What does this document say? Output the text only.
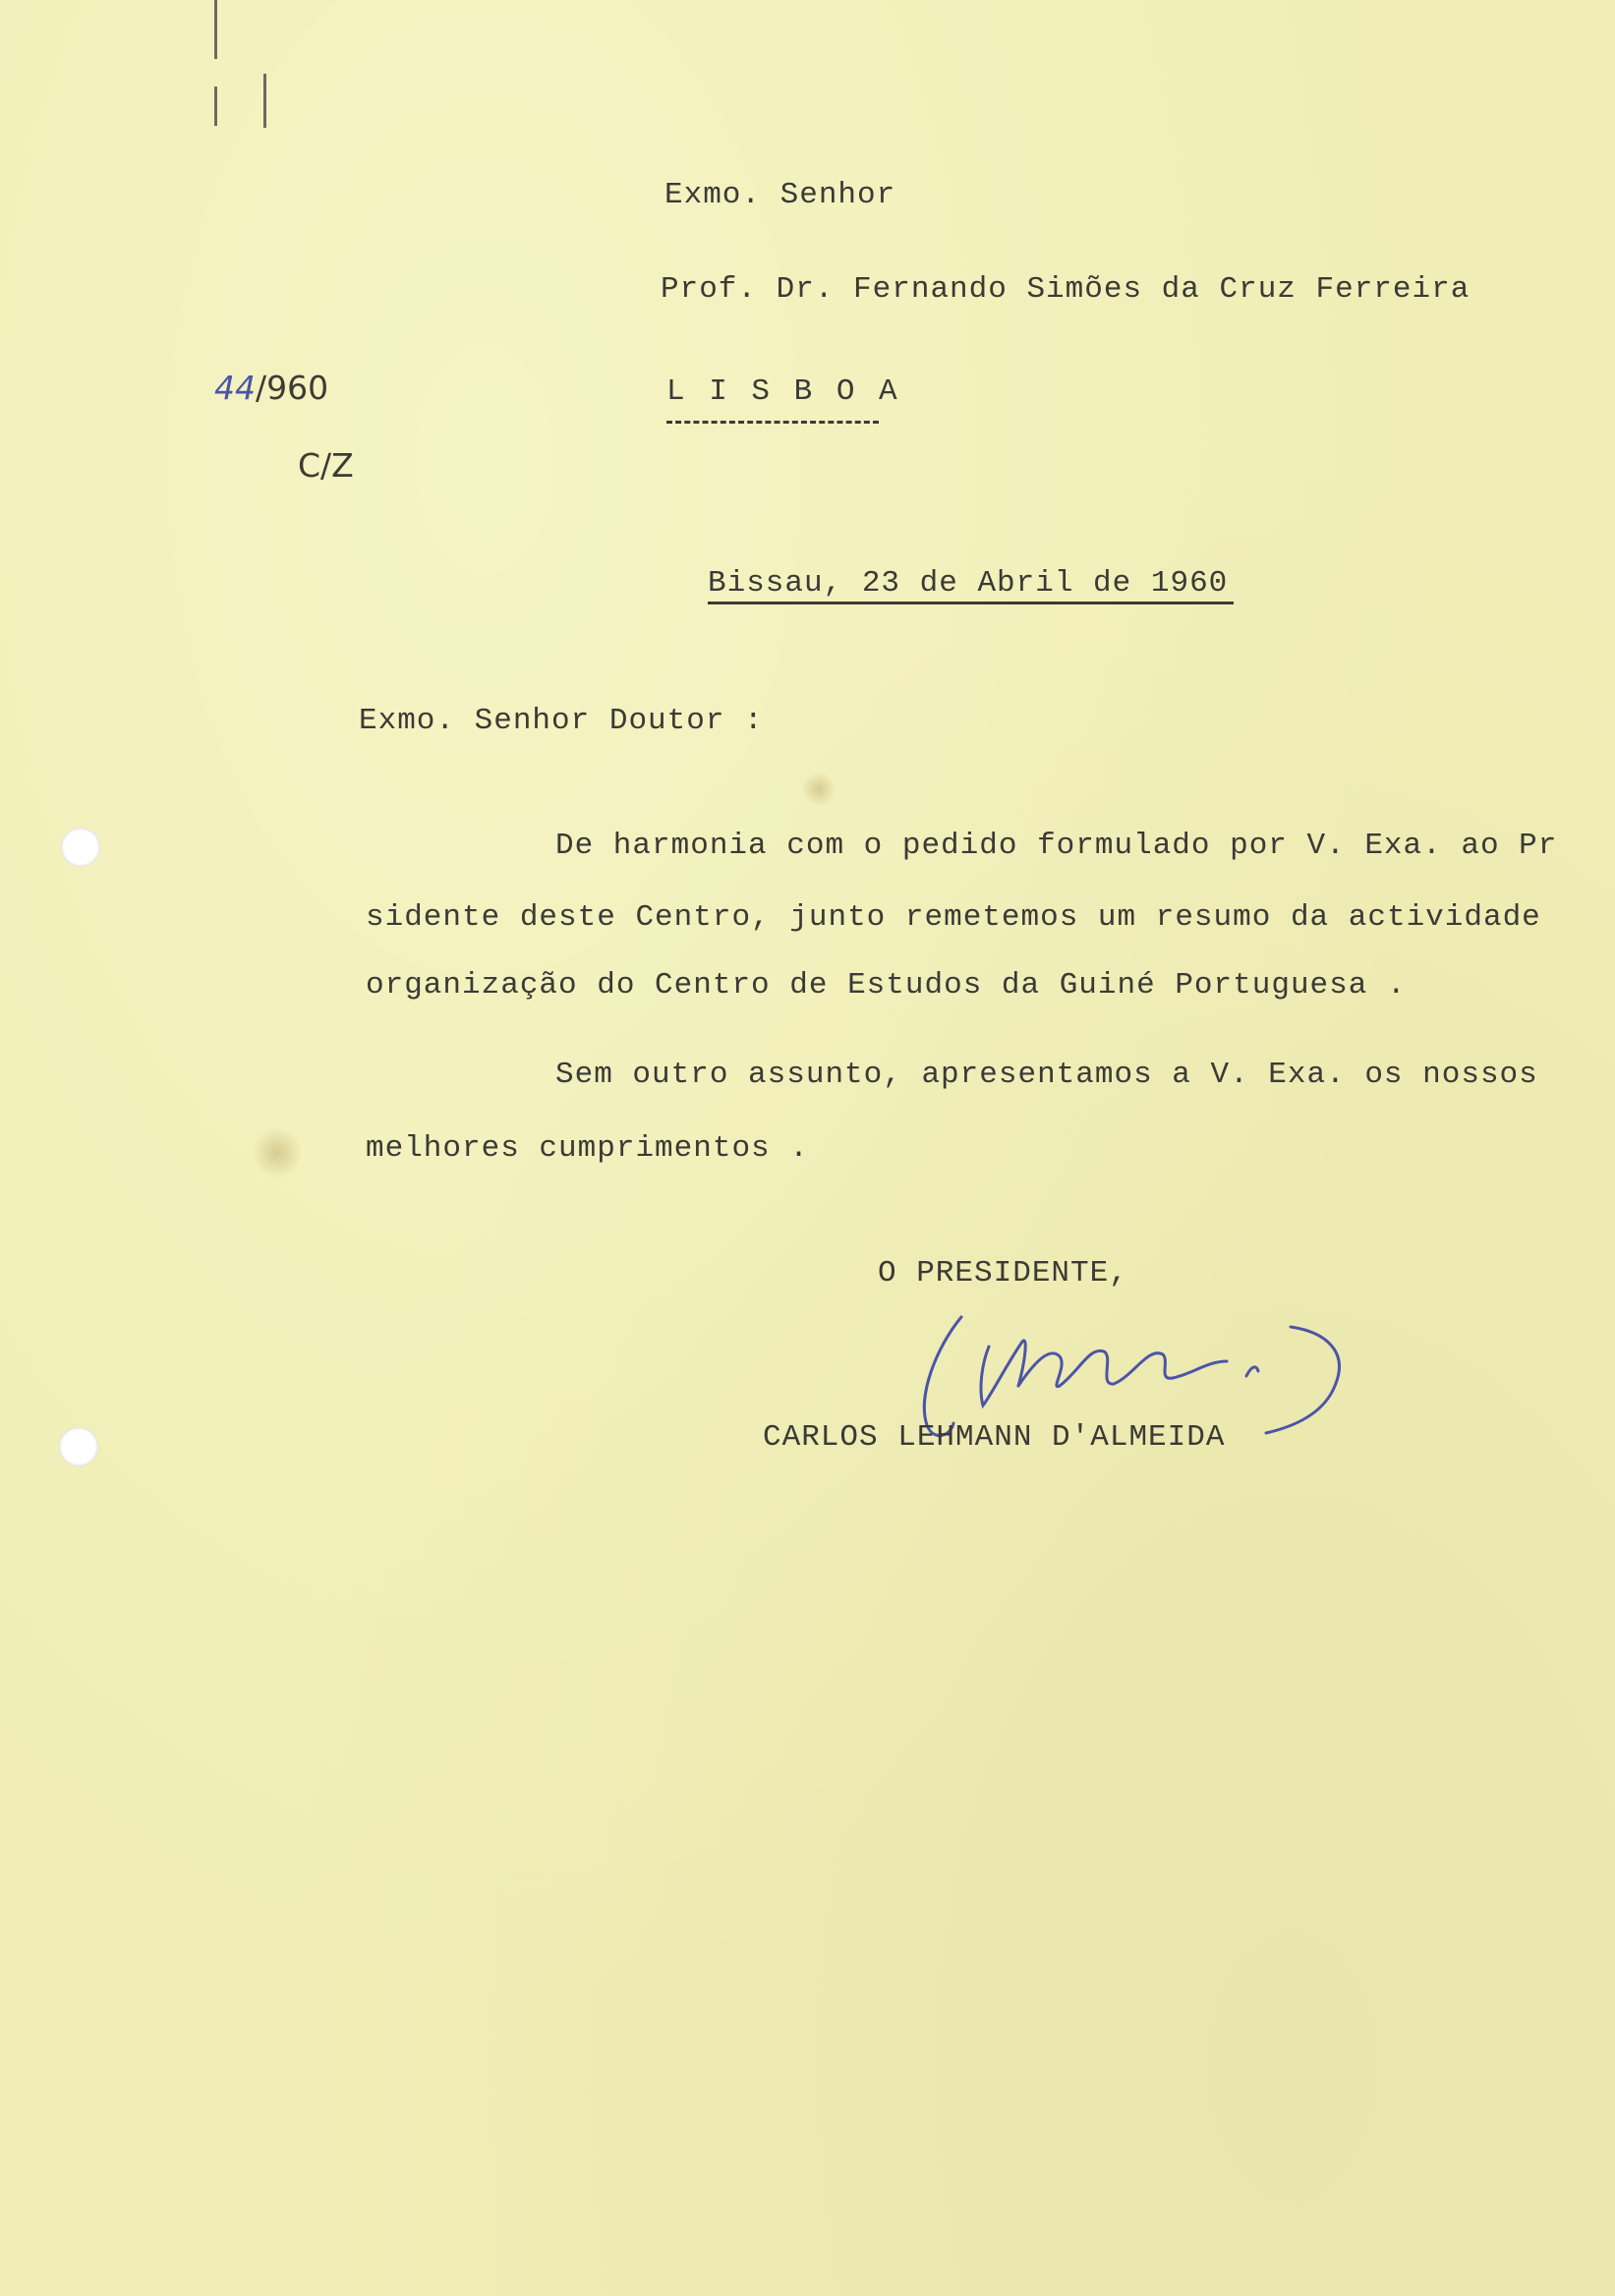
Exmo. Senhor
Prof. Dr. Fernando Simões da Cruz Ferreira
L I S B O A
44/960
C/Z
Bissau, 23 de Abril de 1960
Exmo. Senhor Doutor :
De harmonia com o pedido formulado por V. Exa. ao Pr
sidente deste Centro, junto remetemos um resumo da actividade
organização do Centro de Estudos da Guiné Portuguesa .
Sem outro assunto, apresentamos a V. Exa. os nossos
melhores cumprimentos .
O PRESIDENTE,
CARLOS LEHMANN D'ALMEIDA
